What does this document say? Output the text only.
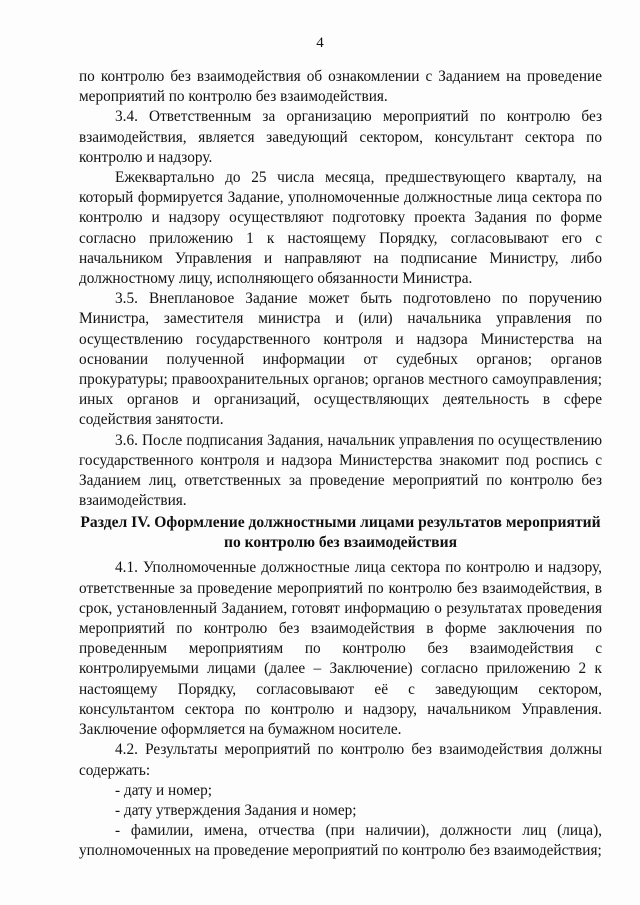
4

по контролю без взаимодействия об ознакомлении с Заданием на проведение мероприятий по контролю без взаимодействия.

3.4. Ответственным за организацию мероприятий по контролю без взаимодействия, является заведующий сектором, консультант сектора по контролю и надзору.

Ежеквартально до 25 числа месяца, предшествующего кварталу, на который формируется Задание, уполномоченные должностные лица сектора по контролю и надзору осуществляют подготовку проекта Задания по форме согласно приложению 1 к настоящему Порядку, согласовывают его с начальником Управления и направляют на подписание Министру, либо должностному лицу, исполняющего обязанности Министра.

3.5. Внеплановое Задание может быть подготовлено по поручению Министра, заместителя министра и (или) начальника управления по осуществлению государственного контроля и надзора Министерства на основании полученной информации от судебных органов; органов прокуратуры; правоохранительных органов; органов местного самоуправления; иных органов и организаций, осуществляющих деятельность в сфере содействия занятости.

3.6. После подписания Задания, начальник управления по осуществлению государственного контроля и надзора Министерства знакомит под роспись с Заданием лиц, ответственных за проведение мероприятий по контролю без взаимодействия.

Раздел IV. Оформление должностными лицами результатов мероприятий
по контролю без взаимодействия

4.1. Уполномоченные должностные лица сектора по контролю и надзору, ответственные за проведение мероприятий по контролю без взаимодействия, в срок, установленный Заданием, готовят информацию о результатах проведения мероприятий по контролю без взаимодействия в форме заключения по проведенным мероприятиям по контролю без взаимодействия с контролируемыми лицами (далее – Заключение) согласно приложению 2 к настоящему Порядку, согласовывают её с заведующим сектором, консультантом сектора по контролю и надзору, начальником Управления. Заключение оформляется на бумажном носителе.

4.2. Результаты мероприятий по контролю без взаимодействия должны содержать:

- дату и номер;

- дату утверждения Задания и номер;

- фамилии, имена, отчества (при наличии), должности лиц (лица), уполномоченных на проведение мероприятий по контролю без взаимодействия;
